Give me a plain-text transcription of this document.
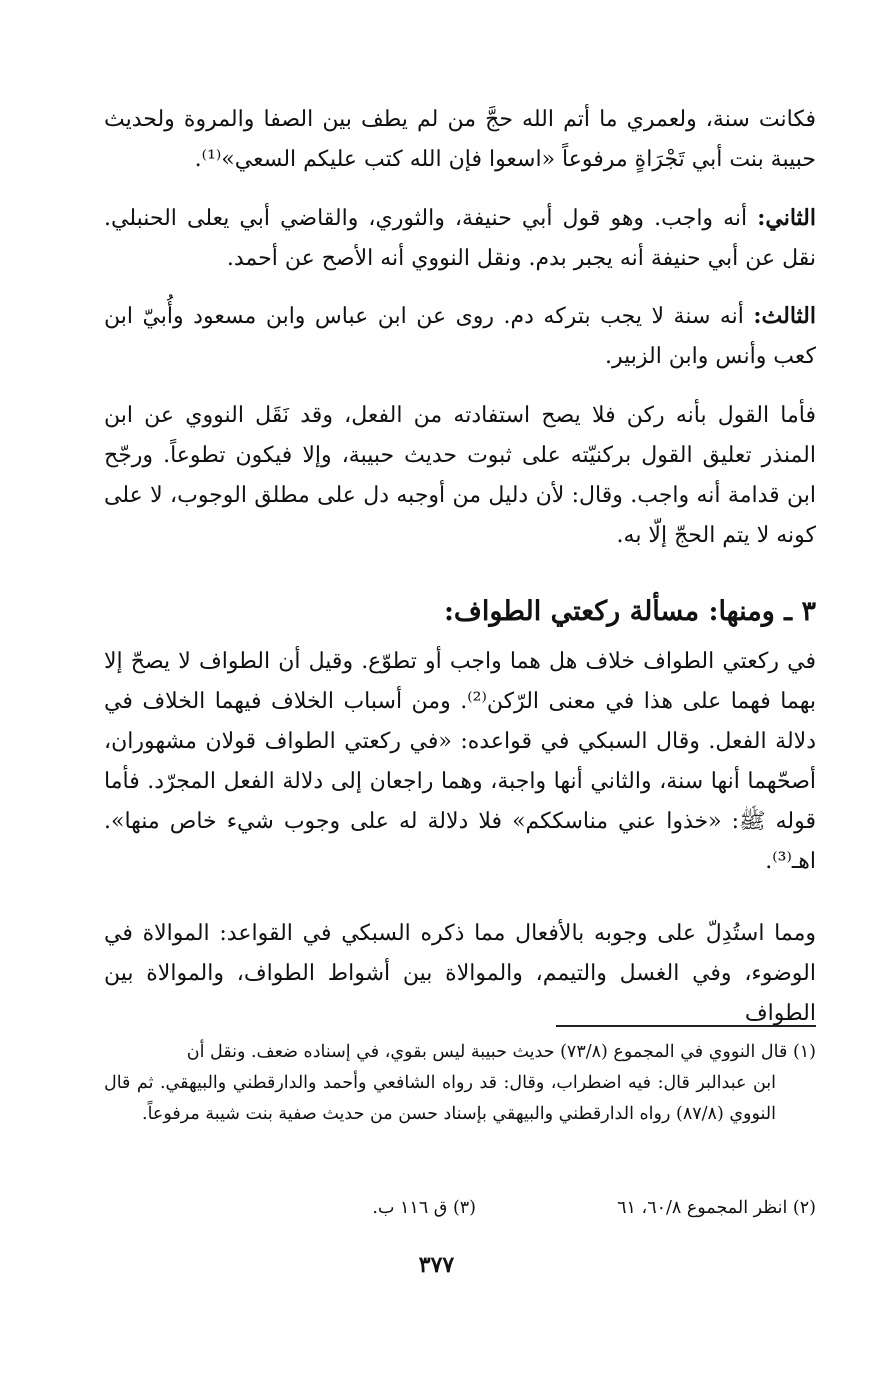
فكانت سنة، ولعمري ما أتم الله حجَّ من لم يطف بين الصفا والمروة ولحديث حبيبة بنت أبي تَجْرَاةٍ مرفوعاً «اسعوا فإن الله كتب عليكم السعي»⁽¹⁾.
الثاني: أنه واجب. وهو قول أبي حنيفة، والثوري، والقاضي أبي يعلى الحنبلي. نقل عن أبي حنيفة أنه يجبر بدم. ونقل النووي أنه الأصح عن أحمد.
الثالث: أنه سنة لا يجب بتركه دم. روى عن ابن عباس وابن مسعود وأُبيّ ابن كعب وأنس وابن الزبير.
فأما القول بأنه ركن فلا يصح استفادته من الفعل، وقد نَقَل النووي عن ابن المنذر تعليق القول بركنيّته على ثبوت حديث حبيبة، وإلا فيكون تطوعاً. ورجّح ابن قدامة أنه واجب. وقال: لأن دليل من أوجبه دل على مطلق الوجوب، لا على كونه لا يتم الحجّ إلّا به.
٣ ـ ومنها: مسألة ركعتي الطواف:
في ركعتي الطواف خلاف هل هما واجب أو تطوّع. وقيل أن الطواف لا يصحّ إلا بهما فهما على هذا في معنى الرّكن⁽²⁾. ومن أسباب الخلاف فيهما الخلاف في دلالة الفعل. وقال السبكي في قواعده: «في ركعتي الطواف قولان مشهوران، أصحّهما أنها سنة، والثاني أنها واجبة، وهما راجعان إلى دلالة الفعل المجرّد. فأما قوله ﷺ: «خذوا عني مناسككم» فلا دلالة له على وجوب شيء خاص منها». اهـ⁽³⁾.
ومما استُدِلّ على وجوبه بالأفعال مما ذكره السبكي في القواعد: الموالاة في الوضوء، وفي الغسل والتيمم، والموالاة بين أشواط الطواف، والموالاة بين الطواف
(١) قال النووي في المجموع (٧٣/٨) حديث حبيبة ليس بقوي، في إسناده ضعف. ونقل أن
ابن عبدالبر قال: فيه اضطراب، وقال: قد رواه الشافعي وأحمد والدارقطني والبيهقي. ثم قال النووي (٨٧/٨) رواه الدارقطني والبيهقي بإسناد حسن من حديث صفية بنت شيبة مرفوعاً.
(٢) انظر المجموع ٦٠/٨، ٦١
(٣) ق ١١٦ ب.
٣٧٧
